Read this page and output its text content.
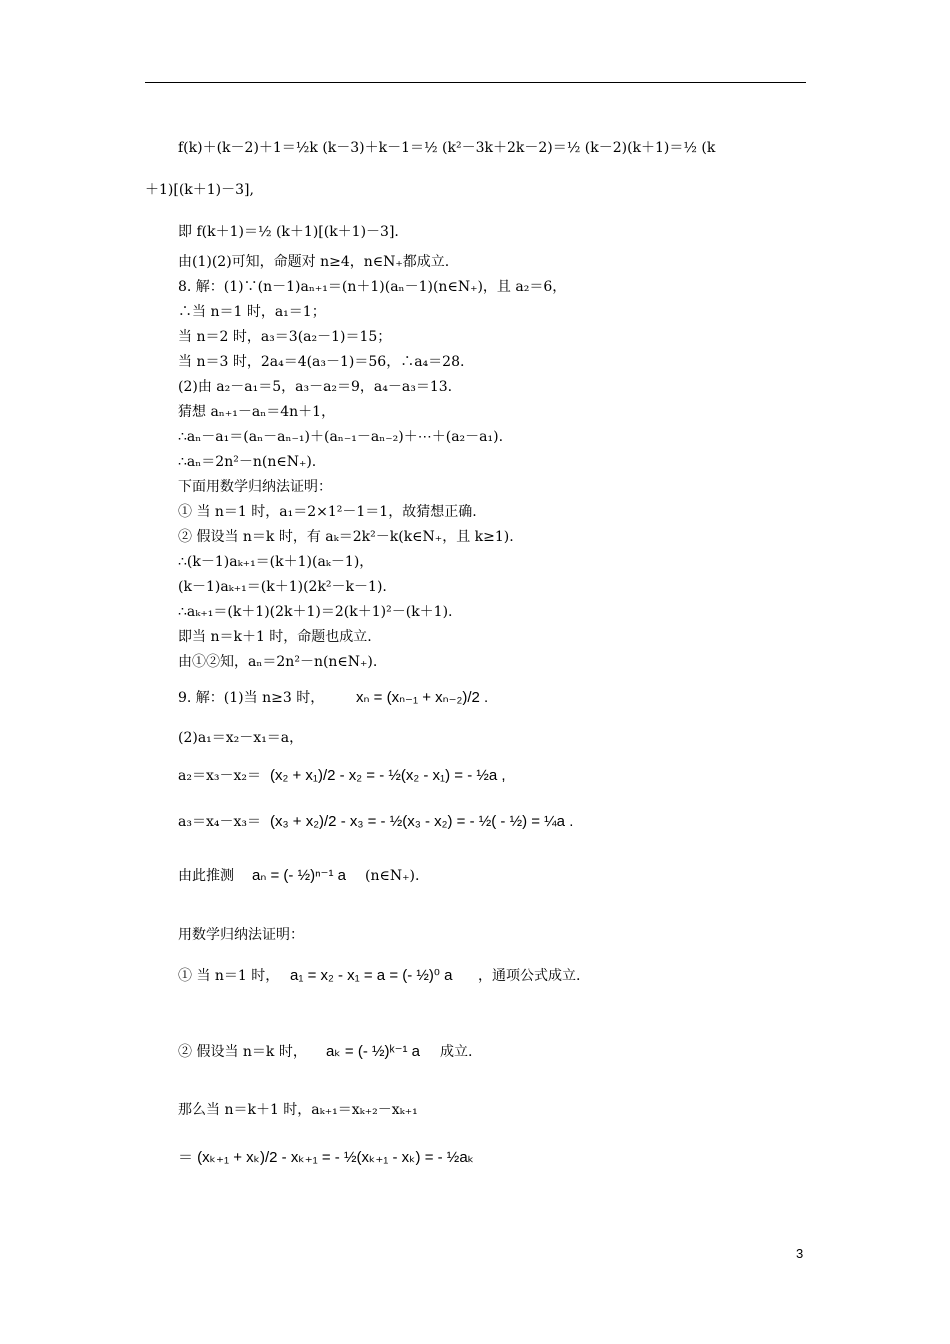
f(k)＋(k－2)＋1＝½k (k－3)＋k－1＝½ (k²－3k＋2k－2)＝½ (k－2)(k＋1)＝½ (k
＋1)[(k＋1)－3],
即 f(k＋1)＝½ (k＋1)[(k＋1)－3].
由(1)(2)可知，命题对 n≥4，n∈N₊都成立.
8. 解：(1)∵(n－1)aₙ₊₁＝(n＋1)(aₙ－1)(n∈N₊)，且 a₂＝6，
∴当 n＝1 时，a₁＝1；
当 n＝2 时，a₃＝3(a₂－1)＝15；
当 n＝3 时，2a₄＝4(a₃－1)＝56，∴a₄＝28.
(2)由 a₂－a₁＝5，a₃－a₂＝9，a₄－a₃＝13.
猜想 aₙ₊₁－aₙ＝4n＋1，
∴aₙ－a₁＝(aₙ－aₙ₋₁)＋(aₙ₋₁－aₙ₋₂)＋⋯＋(a₂－a₁).
∴aₙ＝2n²－n(n∈N₊).
下面用数学归纳法证明：
① 当 n＝1 时，a₁＝2×1²－1＝1，故猜想正确.
② 假设当 n＝k 时，有 aₖ＝2k²－k(k∈N₊，且 k≥1).
∴(k－1)aₖ₊₁＝(k＋1)(aₖ－1)，
(k－1)aₖ₊₁＝(k＋1)(2k²－k－1).
∴aₖ₊₁＝(k＋1)(2k＋1)＝2(k＋1)²－(k＋1).
即当 n＝k＋1 时，命题也成立.
由①②知，aₙ＝2n²－n(n∈N₊).
9. 解：(1)当 n≥3 时， xₙ = (xₙ₋₁ + xₙ₋₂)/2 .
(2)a₁＝x₂－x₁＝a，
a₂＝x₃－x₂＝ (x₂ + x₁)/2 - x₂ = - ½(x₂ - x₁) = - ½a ,
a₃＝x₄－x₃＝ (x₃ + x₂)/2 - x₃ = - ½(x₃ - x₂) = - ½( - ½) = ¼a .
由此推测 aₙ = (- ½)ⁿ⁻¹ a (n∈N₊).
用数学归纳法证明：
① 当 n＝1 时， a₁ = x₂ - x₁ = a = (- ½)⁰ a ，通项公式成立.
② 假设当 n＝k 时， aₖ = (- ½)ᵏ⁻¹ a 成立.
那么当 n＝k＋1 时，aₖ₊₁＝xₖ₊₂－xₖ₊₁
＝ (xₖ₊₁ + xₖ)/2 - xₖ₊₁ = - ½(xₖ₊₁ - xₖ) = - ½aₖ
3
